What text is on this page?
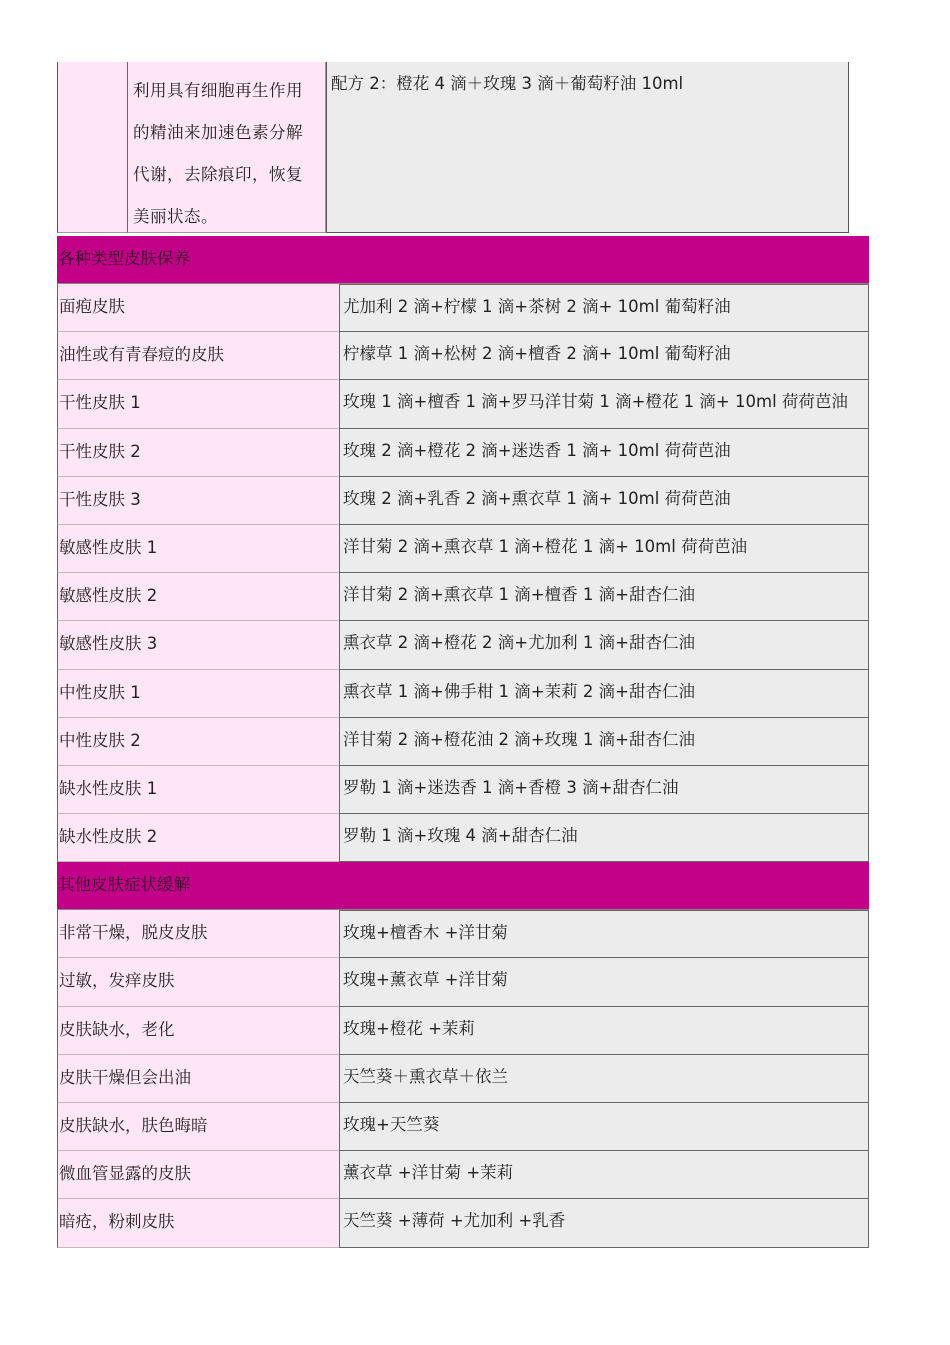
利用具有细胞再生作用
的精油来加速色素分解
代谢，去除痕印，恢复
美丽状态。
配方 2：橙花 4 滴＋玫瑰 3 滴＋葡萄籽油 10ml
各种类型皮肤保养
面疱皮肤	尤加利 2 滴+柠檬 1 滴+茶树 2 滴+ 10ml 葡萄籽油
油性或有青春痘的皮肤	柠檬草 1 滴+松树 2 滴+檀香 2 滴+ 10ml 葡萄籽油
干性皮肤 1	玫瑰 1 滴+檀香 1 滴+罗马洋甘菊 1 滴+橙花 1 滴+ 10ml 荷荷芭油
干性皮肤 2	玫瑰 2 滴+橙花 2 滴+迷迭香 1 滴+ 10ml 荷荷芭油
干性皮肤 3	玫瑰 2 滴+乳香 2 滴+熏衣草 1 滴+ 10ml 荷荷芭油
敏感性皮肤 1	洋甘菊 2 滴+熏衣草 1 滴+橙花 1 滴+ 10ml 荷荷芭油
敏感性皮肤 2	洋甘菊 2 滴+熏衣草 1 滴+檀香 1 滴+甜杏仁油
敏感性皮肤 3	熏衣草 2 滴+橙花 2 滴+尤加利 1 滴+甜杏仁油
中性皮肤 1	熏衣草 1 滴+佛手柑 1 滴+茉莉 2 滴+甜杏仁油
中性皮肤 2	洋甘菊 2 滴+橙花油 2 滴+玫瑰 1 滴+甜杏仁油
缺水性皮肤 1	罗勒 1 滴+迷迭香 1 滴+香橙 3 滴+甜杏仁油
缺水性皮肤 2	罗勒 1 滴+玫瑰 4 滴+甜杏仁油
其他皮肤症状缓解
非常干燥，脱皮皮肤	玫瑰+檀香木 +洋甘菊
过敏，发痒皮肤	玫瑰+薰衣草 +洋甘菊
皮肤缺水，老化	玫瑰+橙花 +茉莉
皮肤干燥但会出油	天竺葵＋熏衣草＋依兰
皮肤缺水，肤色晦暗	玫瑰+天竺葵
微血管显露的皮肤	薰衣草 +洋甘菊 +茉莉
暗疮，粉刺皮肤	天竺葵 +薄荷 +尤加利 +乳香
